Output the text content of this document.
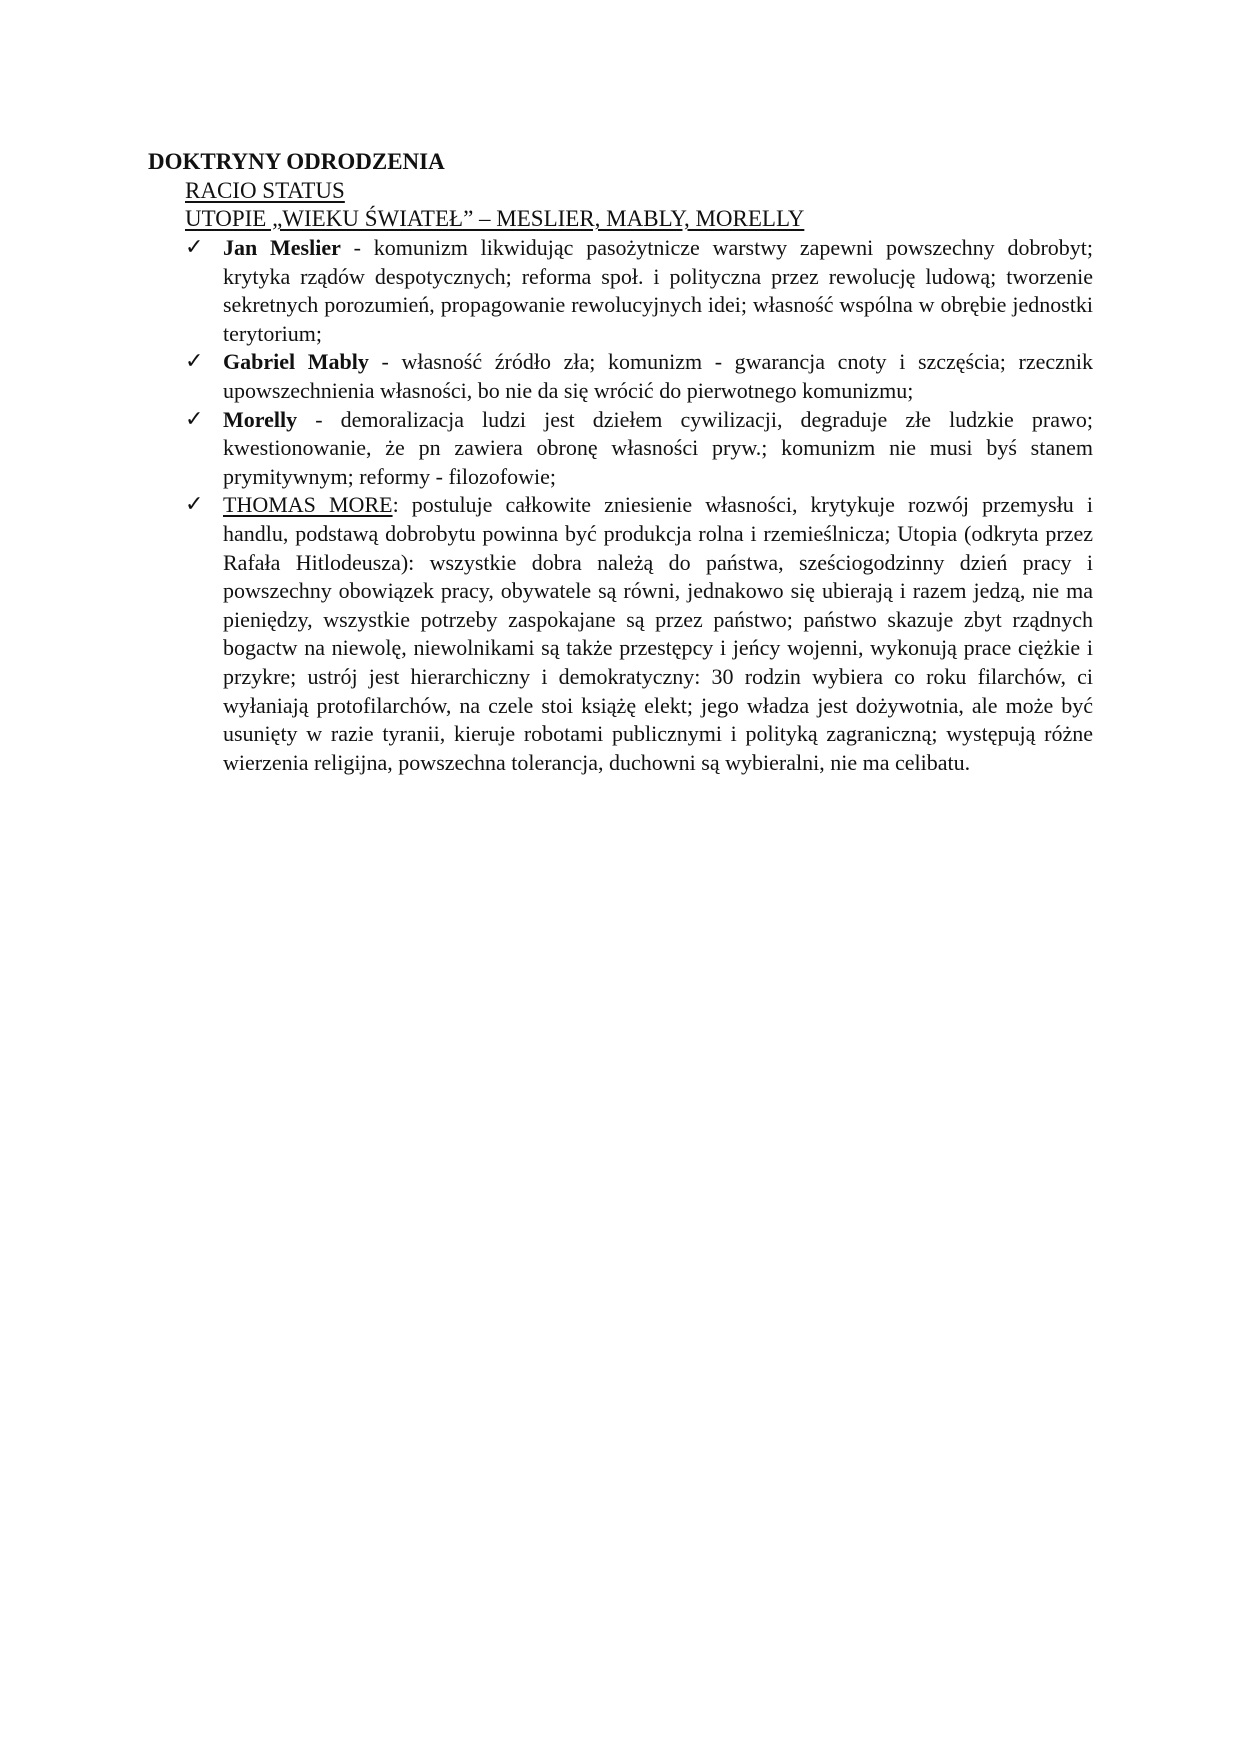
DOKTRYNY ODRODZENIA

RACIO STATUS

UTOPIE „WIEKU ŚWIATEŁ” – MESLIER, MABLY, MORELLY

✓ Jan Meslier - komunizm likwidując pasożytnicze warstwy zapewni powszechny dobrobyt; krytyka rządów despotycznych; reforma społ. i polityczna przez rewolucję ludową; tworzenie sekretnych porozumień, propagowanie rewolucyjnych idei; własność wspólna w obrębie jednostki terytorium;
✓ Gabriel Mably - własność źródło zła; komunizm - gwarancja cnoty i szczęścia; rzecznik upowszechnienia własności, bo nie da się wrócić do pierwotnego komunizmu;
✓ Morelly - demoralizacja ludzi jest dziełem cywilizacji, degraduje złe ludzkie prawo; kwestionowanie, że pn zawiera obronę własności pryw.; komunizm nie musi byś stanem prymitywnym; reformy - filozofowie;
✓ THOMAS MORE: postuluje całkowite zniesienie własności, krytykuje rozwój przemysłu i handlu, podstawą dobrobytu powinna być produkcja rolna i rzemieślnicza; Utopia (odkryta przez Rafała Hitlodeusza): wszystkie dobra należą do państwa, sześciogodzinny dzień pracy i powszechny obowiązek pracy, obywatele są równi, jednakowo się ubierają i razem jedzą, nie ma pieniędzy, wszystkie potrzeby zaspokajane są przez państwo; państwo skazuje zbyt rządnych bogactw na niewolę, niewolnikami są także przestępcy i jeńcy wojenni, wykonują prace ciężkie i przykre; ustrój jest hierarchiczny i demokratyczny: 30 rodzin wybiera co roku filarchów, ci wyłaniają protofilarchów, na czele stoi książę elekt; jego władza jest dożywotnia, ale może być usunięty w razie tyranii, kieruje robotami publicznymi i polityką zagraniczną; występują różne wierzenia religijna, powszechna tolerancja, duchowni są wybieralni, nie ma celibatu.
